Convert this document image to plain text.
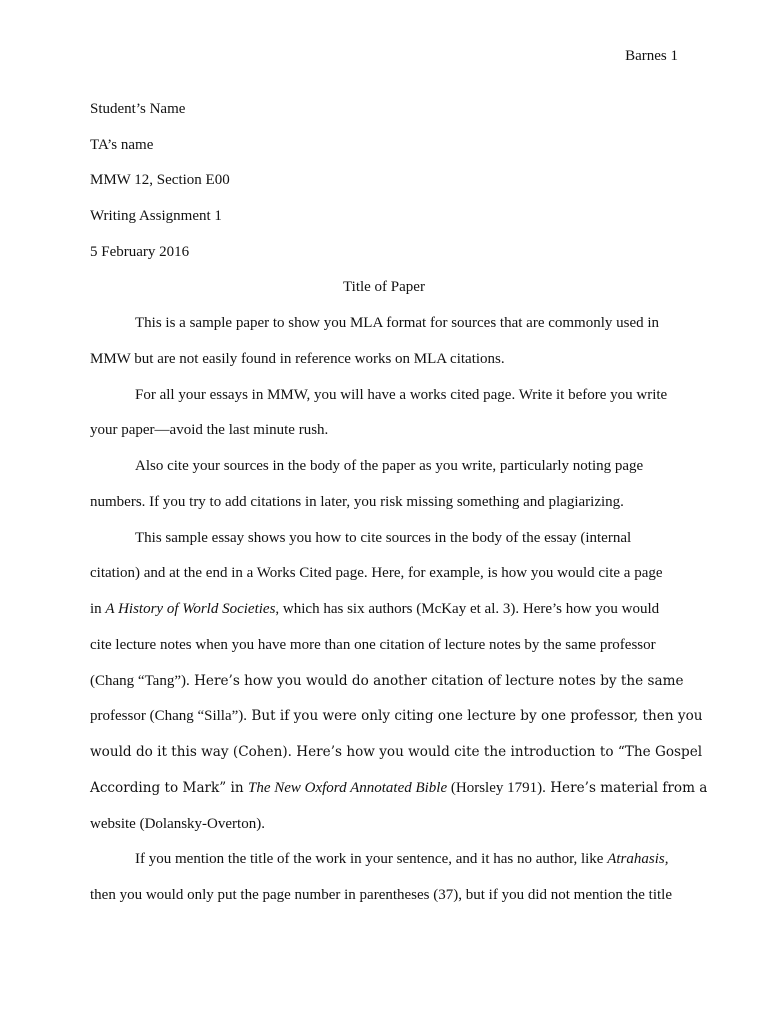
Barnes 1
Student’s Name
TA’s name
MMW 12, Section E00
Writing Assignment 1
5 February 2016
Title of Paper
This is a sample paper to show you MLA format for sources that are commonly used in
MMW but are not easily found in reference works on MLA citations.
For all your essays in MMW, you will have a works cited page. Write it before you write
your paper—avoid the last minute rush.
Also cite your sources in the body of the paper as you write, particularly noting page
numbers. If you try to add citations in later, you risk missing something and plagiarizing.
This sample essay shows you how to cite sources in the body of the essay (internal
citation) and at the end in a Works Cited page. Here, for example, is how you would cite a page
in A History of World Societies, which has six authors (McKay et al. 3). Here’s how you would
cite lecture notes when you have more than one citation of lecture notes by the same professor
(Chang “Tang”). Here’s how you would do another citation of lecture notes by the same
professor (Chang “Silla”). But if you were only citing one lecture by one professor, then you
would do it this way (Cohen). Here’s how you would cite the introduction to “The Gospel
According to Mark” in The New Oxford Annotated Bible (Horsley 1791). Here’s material from a
website (Dolansky-Overton).
If you mention the title of the work in your sentence, and it has no author, like Atrahasis,
then you would only put the page number in parentheses (37), but if you did not mention the title
